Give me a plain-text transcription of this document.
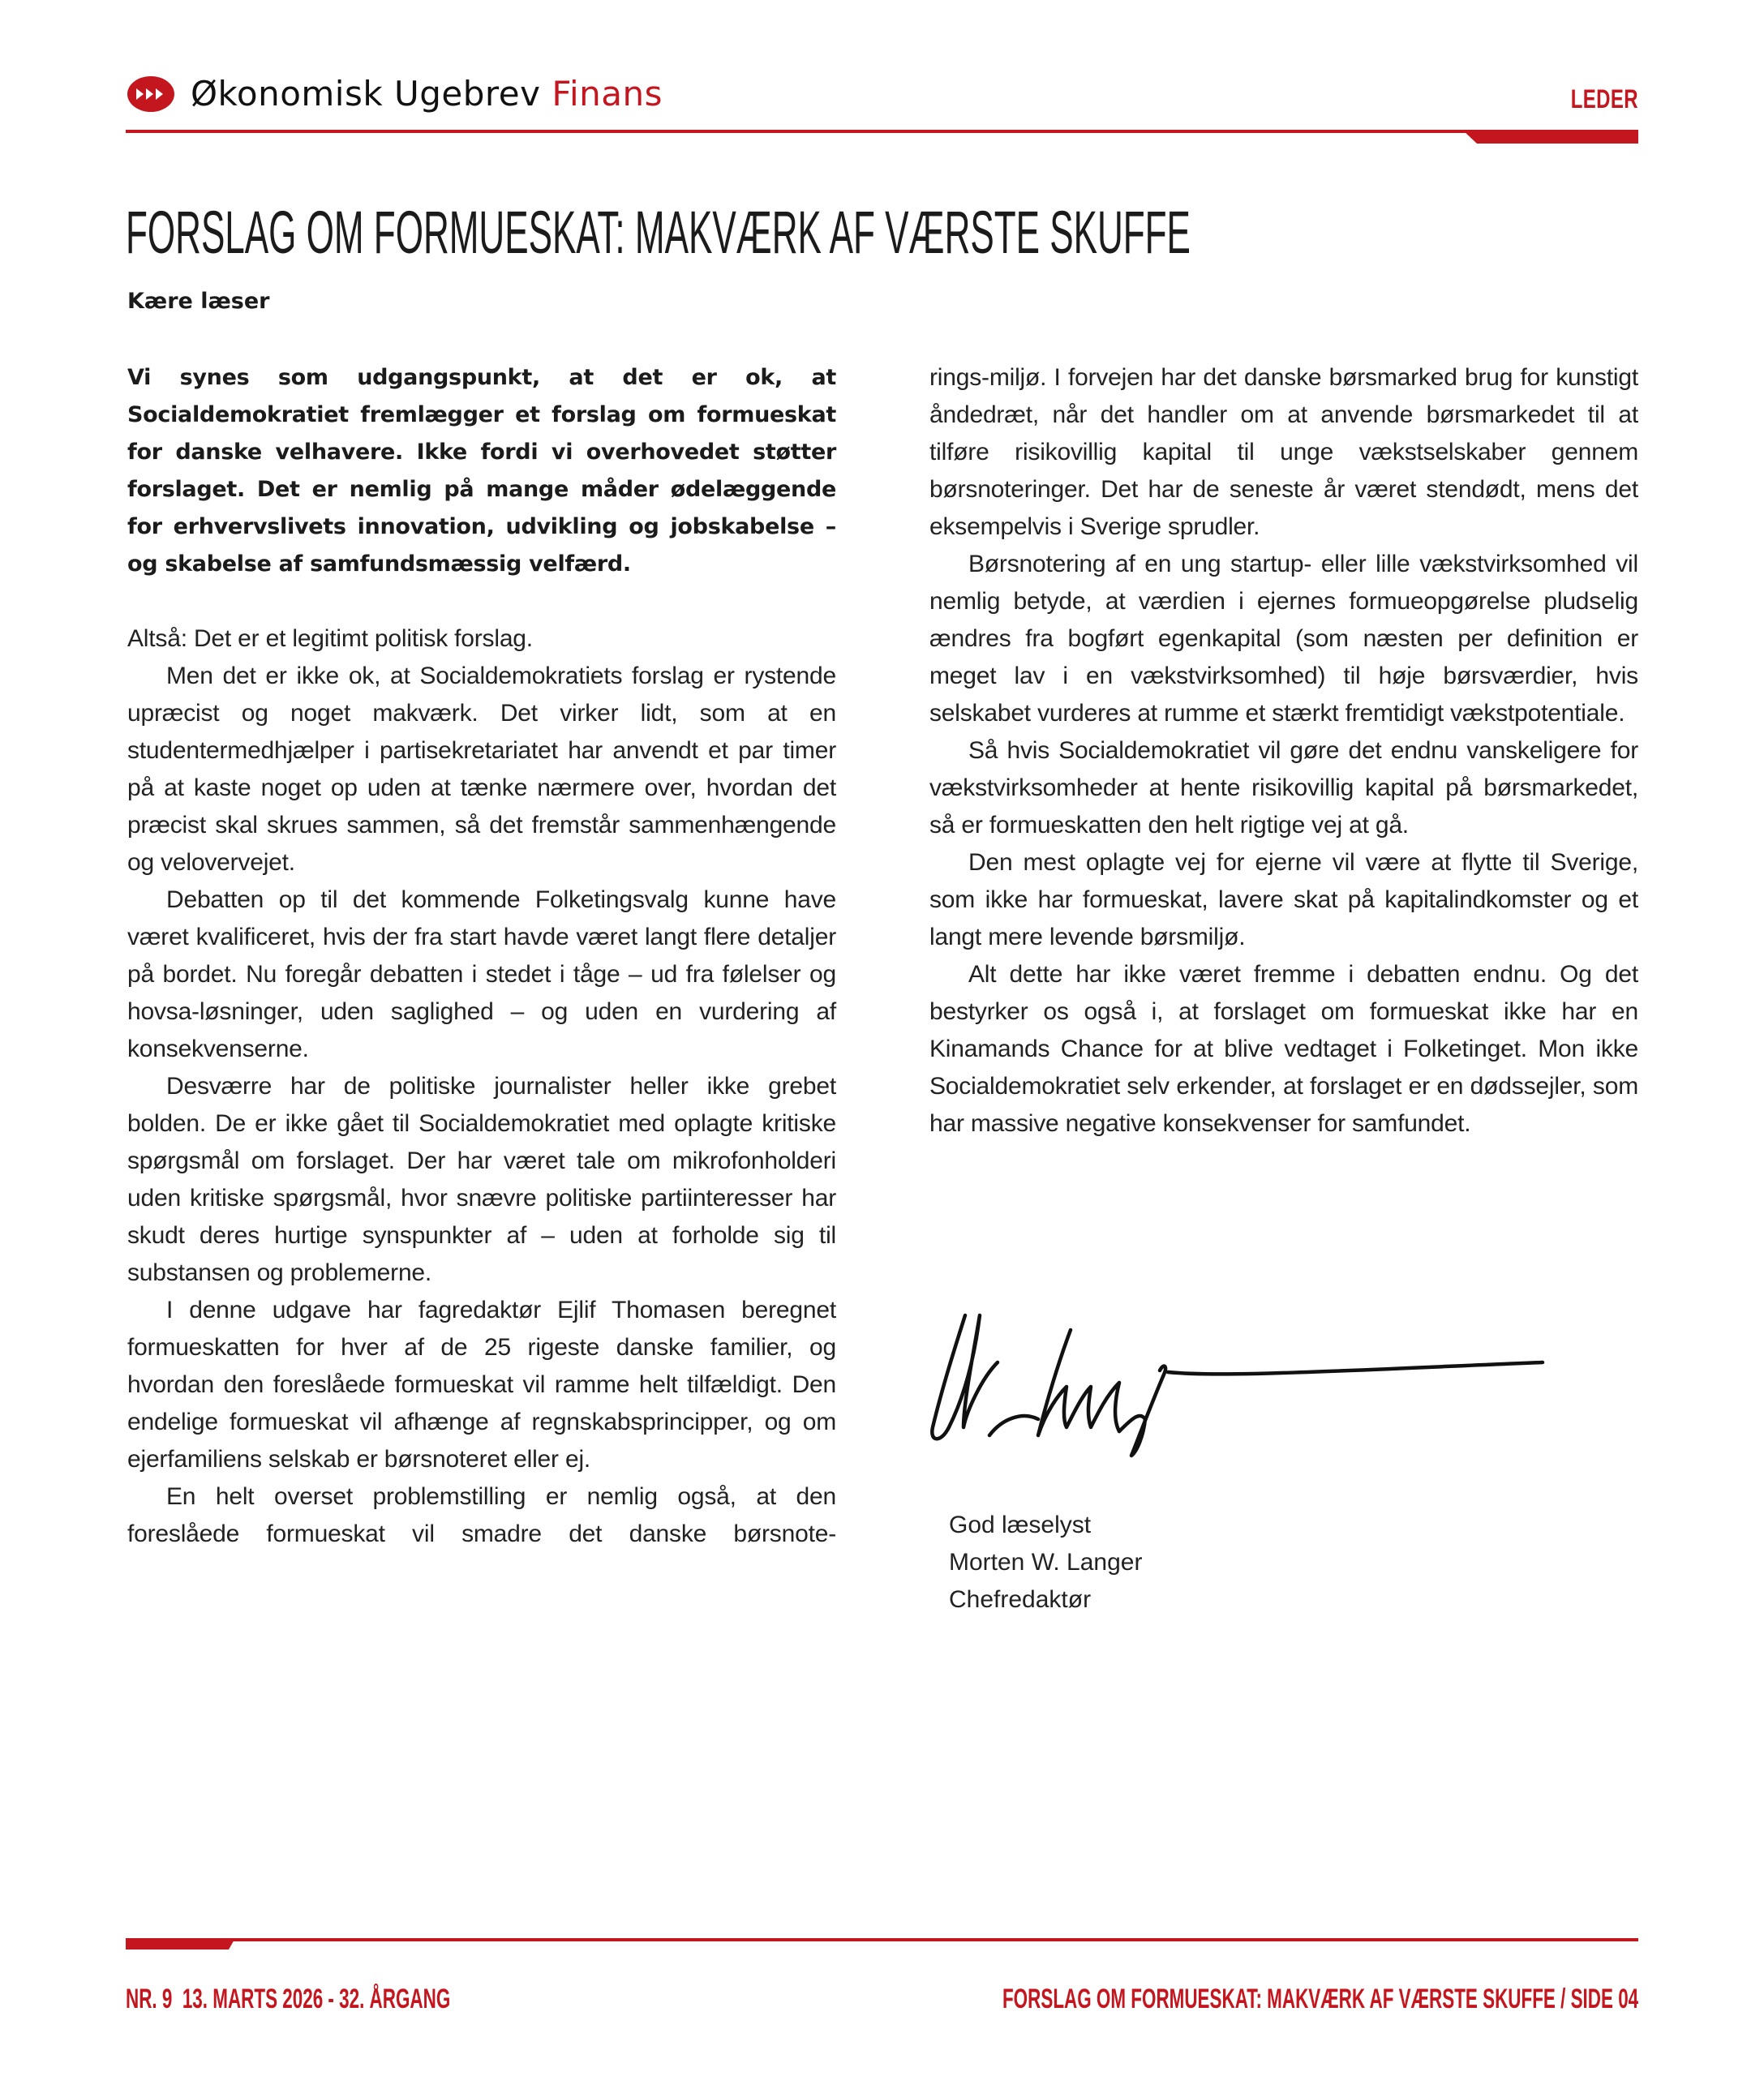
Økonomisk Ugebrev Finans	LEDER
FORSLAG OM FORMUESKAT: MAKVÆRK AF VÆRSTE SKUFFE
Kære læser

Vi synes som udgangspunkt, at det er ok, at Socialdemokratiet fremlægger et forslag om formueskat for danske velhavere. Ikke fordi vi overhovedet støtter forslaget. Det er nemlig på mange måder ødelæggende for erhvervslivets innovation, udvikling og jobskabelse – og skabelse af samfundsmæssig velfærd.

Altså: Det er et legitimt politisk forslag.

Men det er ikke ok, at Socialdemokratiets forslag er rystende upræcist og noget makværk. Det virker lidt, som at en studentermedhjælper i partisekretariatet har anvendt et par timer på at kaste noget op uden at tænke nærmere over, hvordan det præcist skal skrues sammen, så det fremstår sammenhængende og velovervejet.

Debatten op til det kommende Folketingsvalg kunne have været kvalificeret, hvis der fra start havde været langt flere detaljer på bordet. Nu foregår debatten i stedet i tåge – ud fra følelser og hovsa-løsninger, uden saglighed – og uden en vurdering af konsekvenserne.

Desværre har de politiske journalister heller ikke grebet bolden. De er ikke gået til Socialdemokratiet med oplagte kritiske spørgsmål om forslaget. Der har været tale om mikrofonholderi uden kritiske spørgsmål, hvor snævre politiske partiinteresser har skudt deres hurtige synspunkter af – uden at forholde sig til substansen og problemerne.

I denne udgave har fagredaktør Ejlif Thomasen beregnet formueskatten for hver af de 25 rigeste danske familier, og hvordan den foreslåede formueskat vil ramme helt tilfældigt. Den endelige formueskat vil afhænge af regnskabsprincipper, og om ejerfamiliens selskab er børsnoteret eller ej.

En helt overset problemstilling er nemlig også, at den foreslåede formueskat vil smadre det danske børsnote-

rings-miljø. I forvejen har det danske børsmarked brug for kunstigt åndedræt, når det handler om at anvende børsmarkedet til at tilføre risikovillig kapital til unge vækstselskaber gennem børsnoteringer. Det har de seneste år været stendødt, mens det eksempelvis i Sverige sprudler.

Børsnotering af en ung startup- eller lille vækstvirksomhed vil nemlig betyde, at værdien i ejernes formueopgørelse pludselig ændres fra bogført egenkapital (som næsten per definition er meget lav i en vækstvirksomhed) til høje børsværdier, hvis selskabet vurderes at rumme et stærkt fremtidigt vækstpotentiale.

Så hvis Socialdemokratiet vil gøre det endnu vanskeligere for vækstvirksomheder at hente risikovillig kapital på børsmarkedet, så er formueskatten den helt rigtige vej at gå.

Den mest oplagte vej for ejerne vil være at flytte til Sverige, som ikke har formueskat, lavere skat på kapitalindkomster og et langt mere levende børsmiljø.

Alt dette har ikke været fremme i debatten endnu. Og det bestyrker os også i, at forslaget om formueskat ikke har en Kinamands Chance for at blive vedtaget i Folketinget. Mon ikke Socialdemokratiet selv erkender, at forslaget er en dødssejler, som har massive negative konsekvenser for samfundet.

God læselyst
Morten W. Langer
Chefredaktør
NR. 9  13. MARTS 2026 - 32. ÅRGANG	FORSLAG OM FORMUESKAT: MAKVÆRK AF VÆRSTE SKUFFE / SIDE 04
